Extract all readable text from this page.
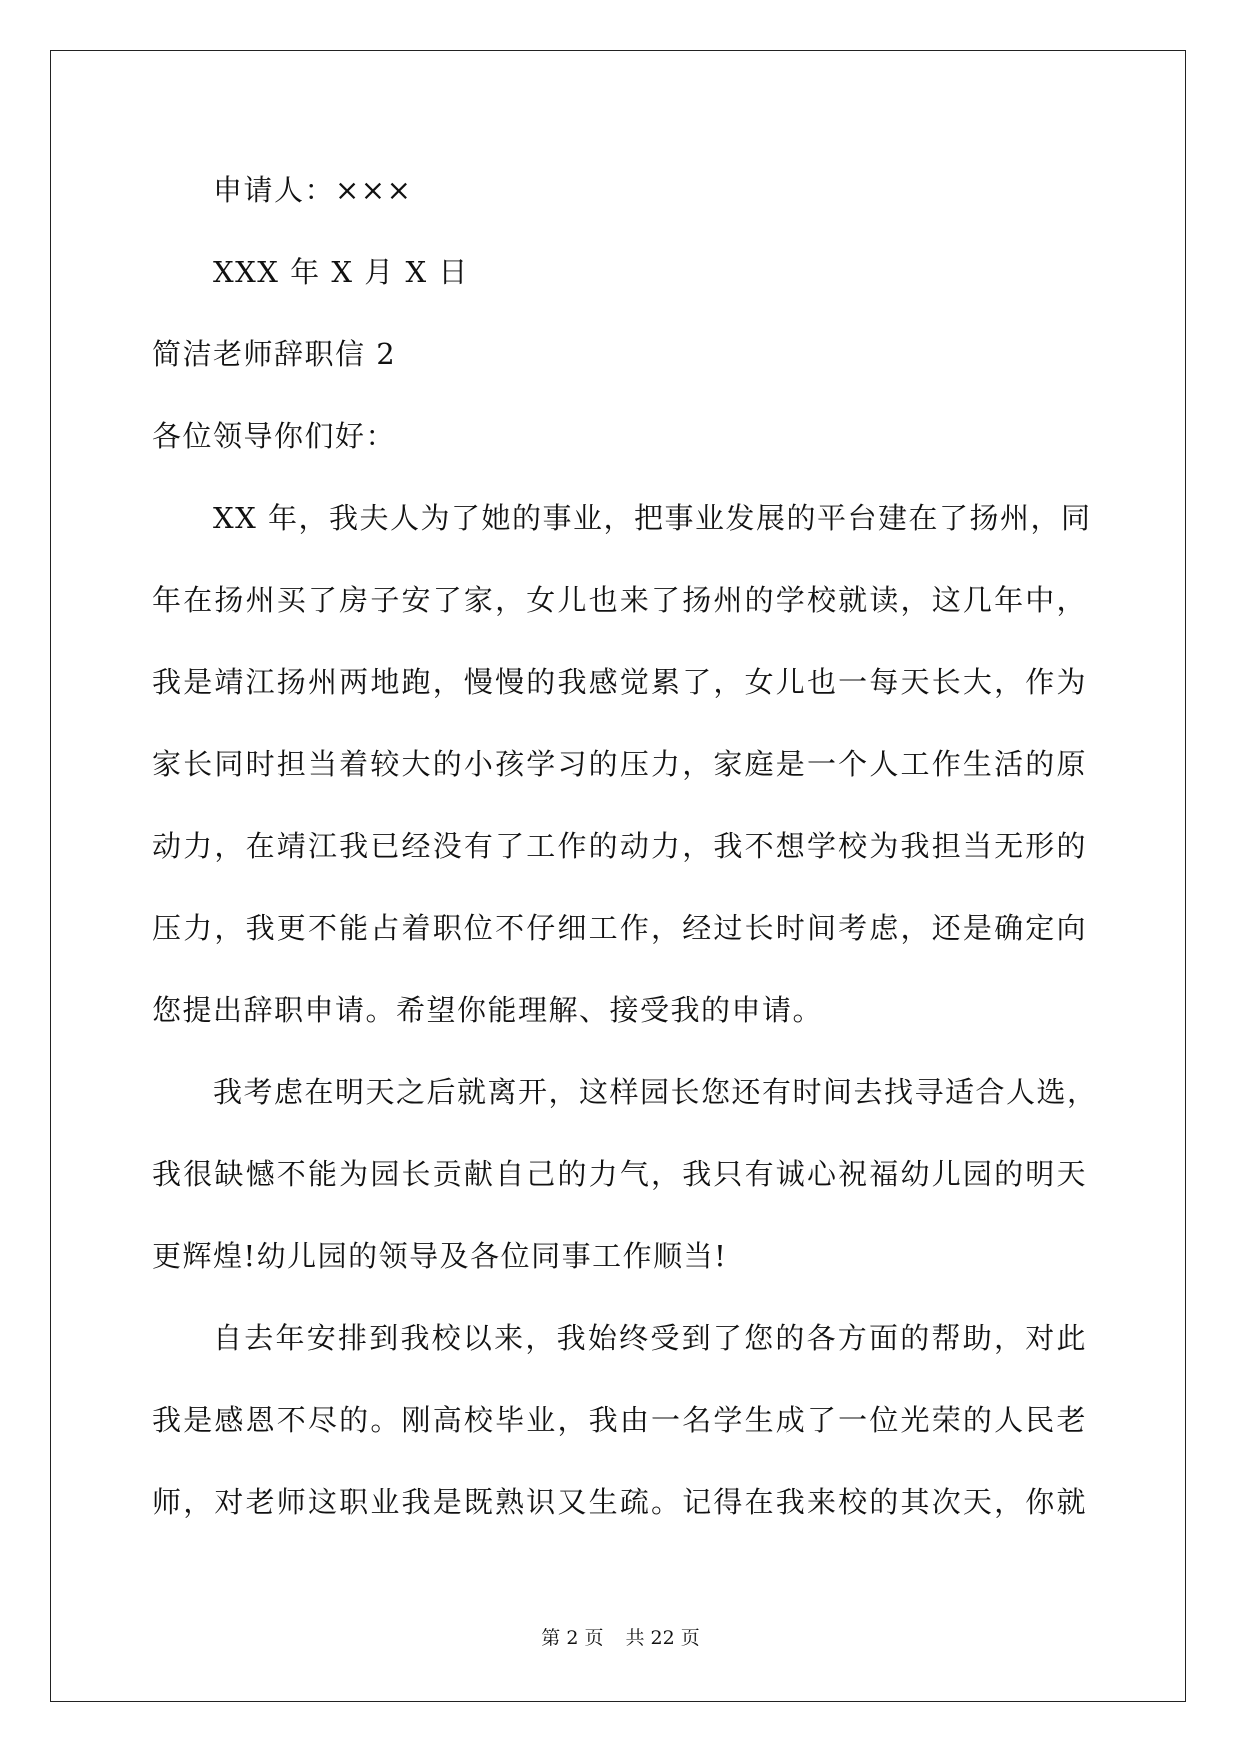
申请人：×××
XXX 年 X 月 X 日
简洁老师辞职信 2
各位领导你们好：
XX 年，我夫人为了她的事业，把事业发展的平台建在了扬州，同
年在扬州买了房子安了家，女儿也来了扬州的学校就读，这几年中，
我是靖江扬州两地跑，慢慢的我感觉累了，女儿也一每天长大，作为
家长同时担当着较大的小孩学习的压力，家庭是一个人工作生活的原
动力，在靖江我已经没有了工作的动力，我不想学校为我担当无形的
压力，我更不能占着职位不仔细工作，经过长时间考虑，还是确定向
您提出辞职申请。希望你能理解、接受我的申请。
我考虑在明天之后就离开，这样园长您还有时间去找寻适合人选，
我很缺憾不能为园长贡献自己的力气，我只有诚心祝福幼儿园的明天
更辉煌!幼儿园的领导及各位同事工作顺当!
自去年安排到我校以来，我始终受到了您的各方面的帮助，对此
我是感恩不尽的。刚高校毕业，我由一名学生成了一位光荣的人民老
师，对老师这职业我是既熟识又生疏。记得在我来校的其次天，你就
第 2 页 共 22 页
